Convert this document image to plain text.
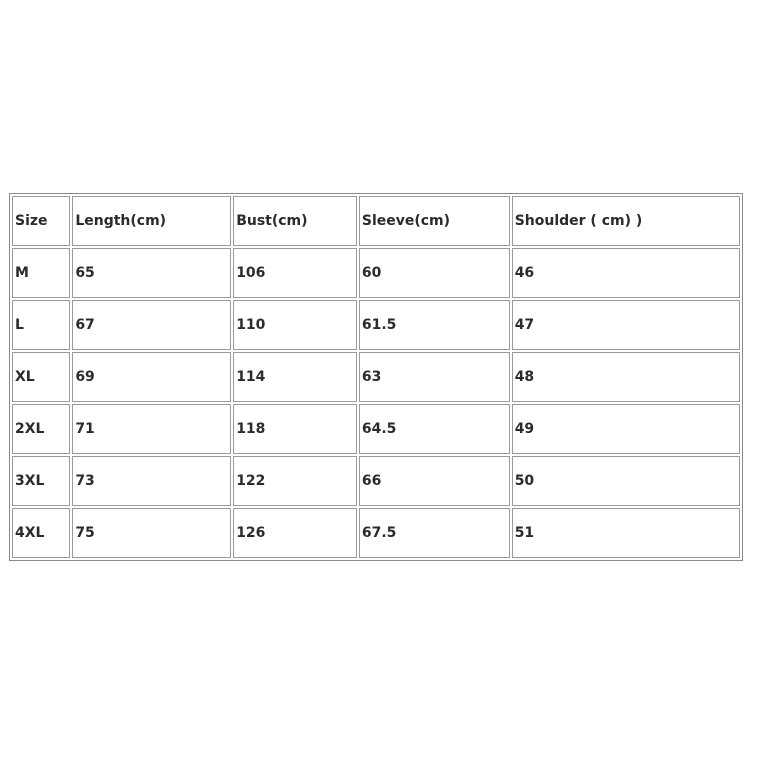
Size	Length(cm)	Bust(cm)	Sleeve(cm)	Shoulder ( cm) )
M	65	106	60	46
L	67	110	61.5	47
XL	69	114	63	48
2XL	71	118	64.5	49
3XL	73	122	66	50
4XL	75	126	67.5	51
